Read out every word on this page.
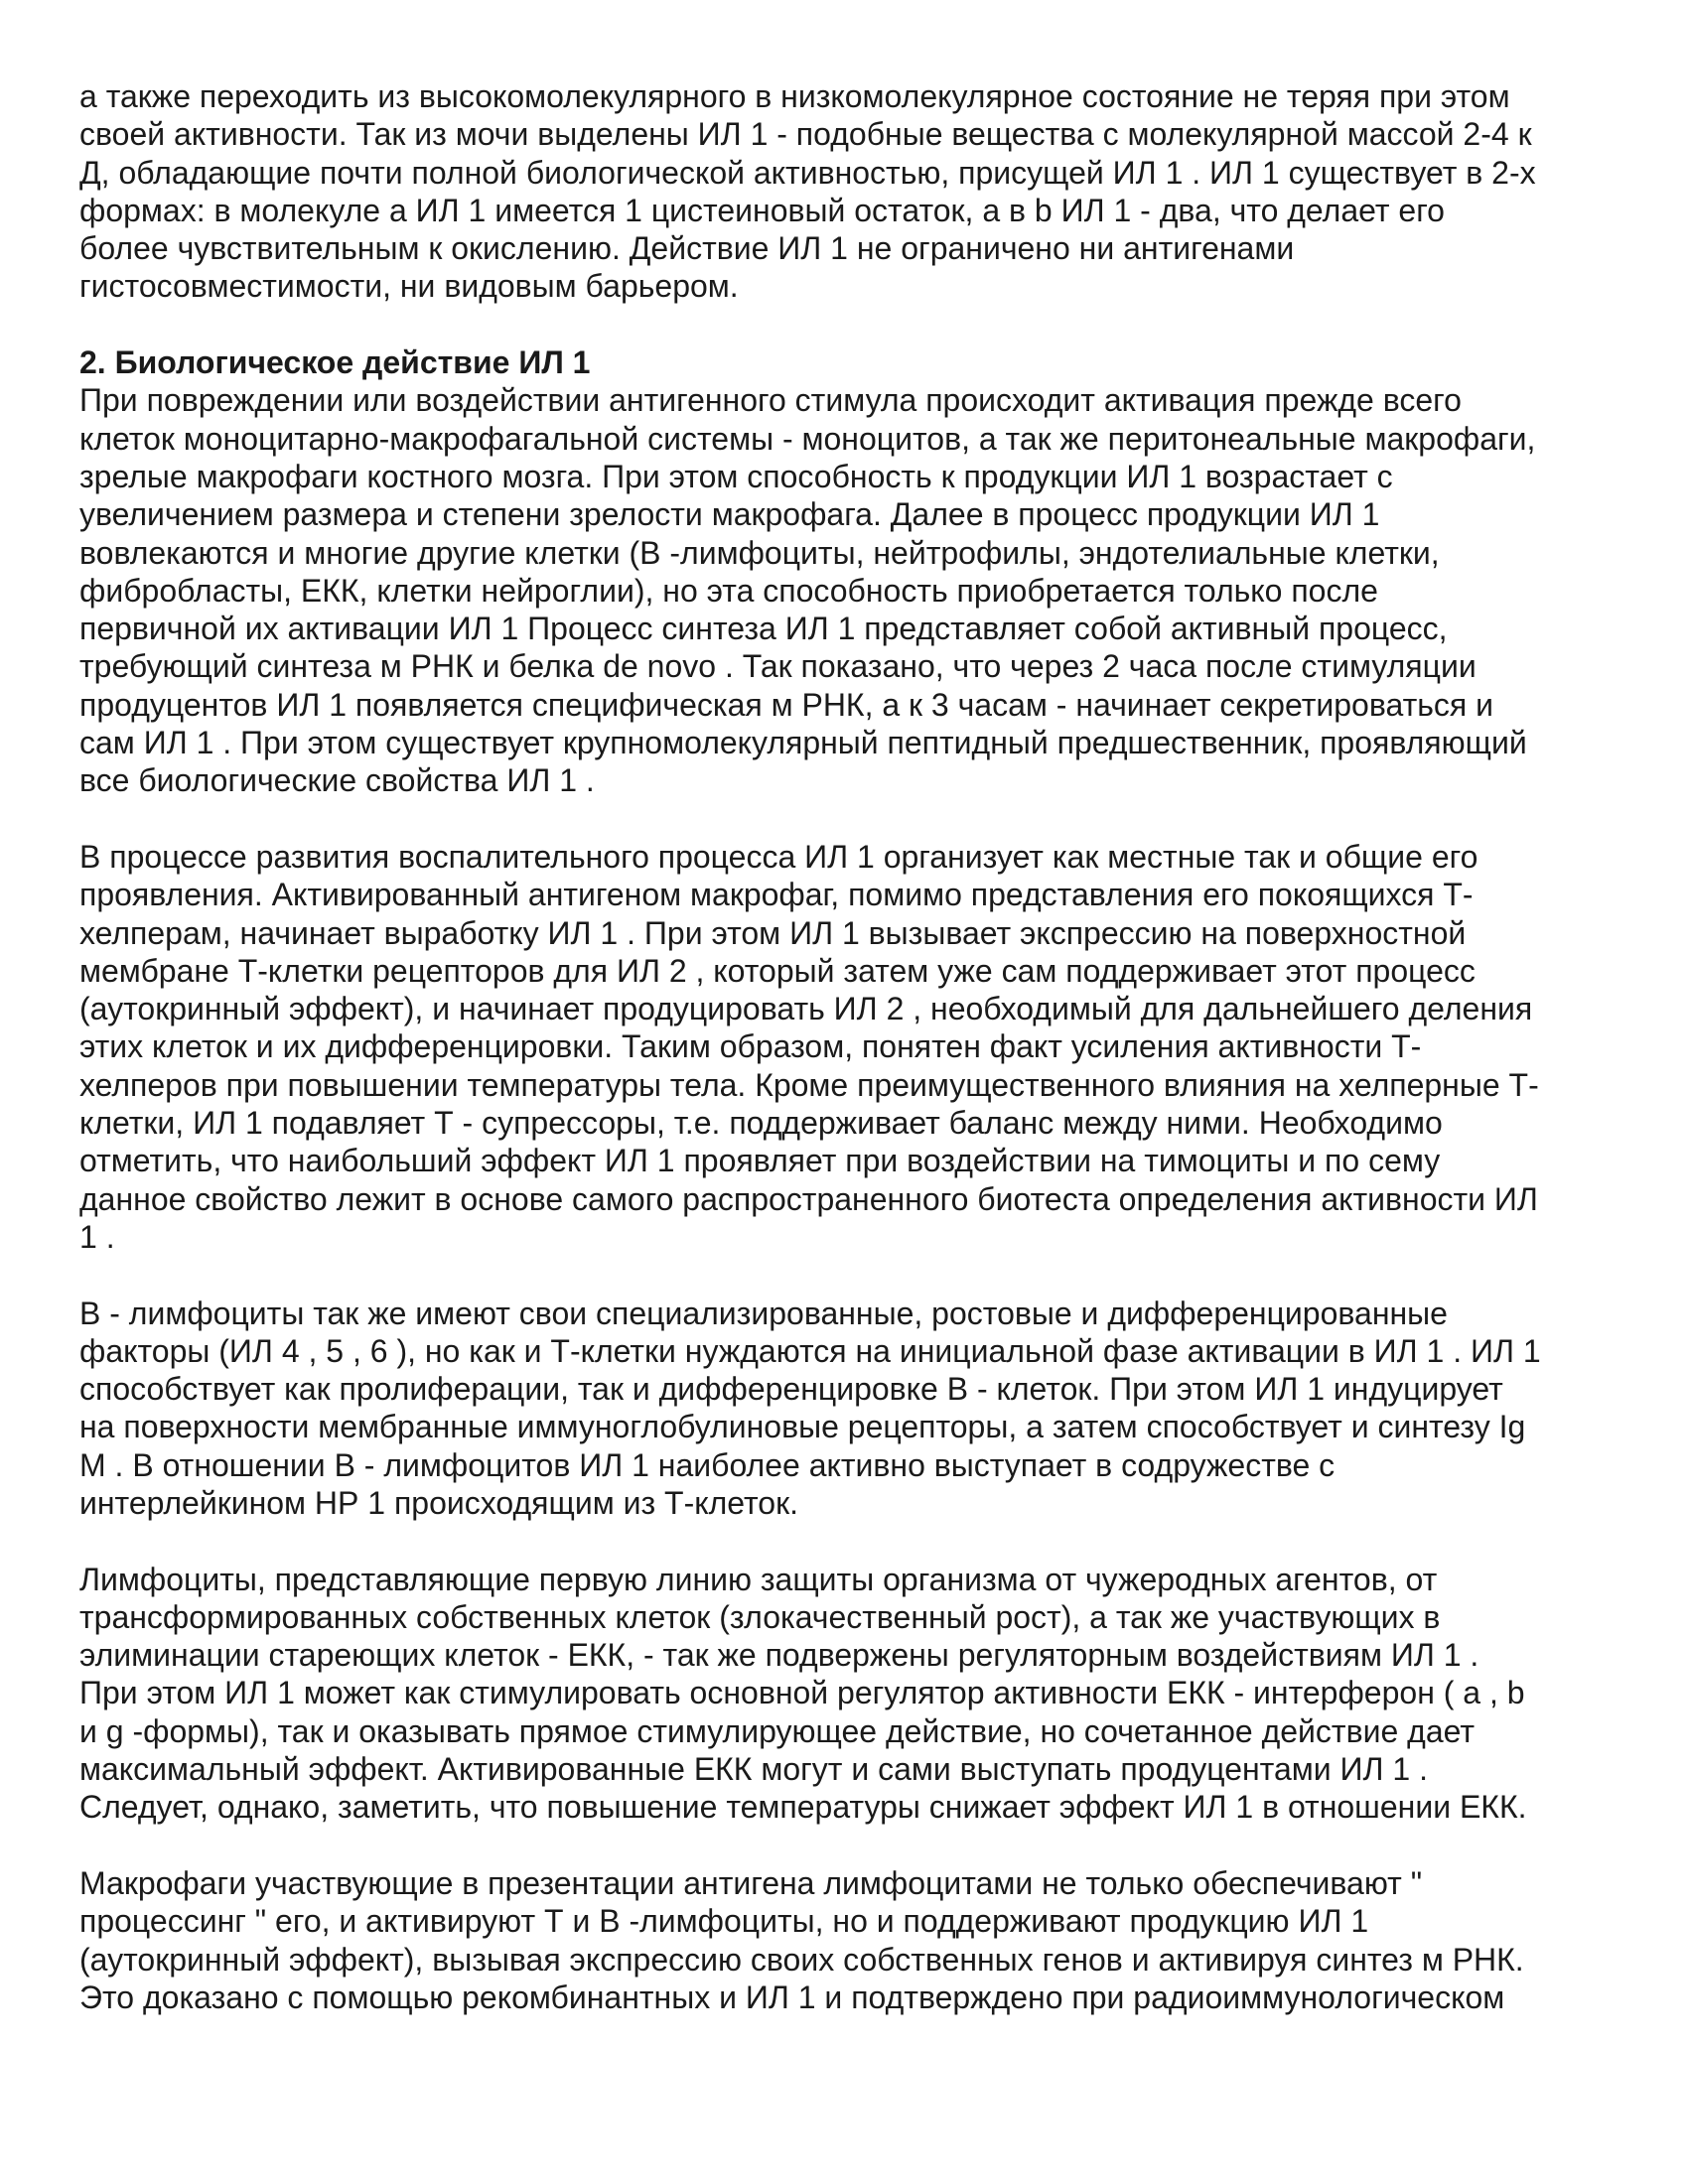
а также переходить из высокомолекулярного в низкомолекулярное состояние не теряя при этом
своей активности. Так из мочи выделены ИЛ 1 - подобные вещества с молекулярной массой 2-4 к
Д, обладающие почти полной биологической активностью, присущей ИЛ 1 . ИЛ 1 существует в 2-х
формах: в молекуле а ИЛ 1 имеется 1 цистеиновый остаток, а в b ИЛ 1 - два, что делает его
более чувствительным к окислению. Действие ИЛ 1 не ограничено ни антигенами
гистосовместимости, ни видовым барьером.

2. Биологическое действие ИЛ 1

При повреждении или воздействии антигенного стимула происходит активация прежде всего
клеток моноцитарно-макрофагальной системы - моноцитов, а так же перитонеальные макрофаги,
зрелые макрофаги костного мозга. При этом способность к продукции ИЛ 1 возрастает с
увеличением размера и степени зрелости макрофага. Далее в процесс продукции ИЛ 1
вовлекаются и многие другие клетки (В -лимфоциты, нейтрофилы, эндотелиальные клетки,
фибробласты, ЕКК, клетки нейроглии), но эта способность приобретается только после
первичной их активации ИЛ 1 Процесс синтеза ИЛ 1 представляет собой активный процесс,
требующий синтеза м РНК и белка de novo . Так показано, что через 2 часа после стимуляции
продуцентов ИЛ 1 появляется специфическая м РНК, а к 3 часам - начинает секретироваться и
сам ИЛ 1 . При этом существует крупномолекулярный пептидный предшественник, проявляющий
все биологические свойства ИЛ 1 .

В процессе развития воспалительного процесса ИЛ 1 организует как местные так и общие его
проявления. Активированный антигеном макрофаг, помимо представления его покоящихся Т-
хелперам, начинает выработку ИЛ 1 . При этом ИЛ 1 вызывает экспрессию на поверхностной
мембране Т-клетки рецепторов для ИЛ 2 , который затем уже сам поддерживает этот процесс
(аутокринный эффект), и начинает продуцировать ИЛ 2 , необходимый для дальнейшего деления
этих клеток и их дифференцировки. Таким образом, понятен факт усиления активности Т-
хелперов при повышении температуры тела. Кроме преимущественного влияния на хелперные Т-
клетки, ИЛ 1 подавляет Т - супрессоры, т.е. поддерживает баланс между ними. Необходимо
отметить, что наибольший эффект ИЛ 1 проявляет при воздействии на тимоциты и по сему
данное свойство лежит в основе самого распространенного биотеста определения активности ИЛ
1 .

В - лимфоциты так же имеют свои специализированные, ростовые и дифференцированные
факторы (ИЛ 4 , 5 , 6 ), но как и Т-клетки нуждаются на инициальной фазе активации в ИЛ 1 . ИЛ 1
способствует как пролиферации, так и дифференцировке В - клеток. При этом ИЛ 1 индуцирует
на поверхности мембранные иммуноглобулиновые рецепторы, а затем способствует и синтезу Ig
М . В отношении В - лимфоцитов ИЛ 1 наиболее активно выступает в содружестве с
интерлейкином НР 1 происходящим из Т-клеток.

Лимфоциты, представляющие первую линию защиты организма от чужеродных агентов, от
трансформированных собственных клеток (злокачественный рост), а так же участвующих в
элиминации стареющих клеток - ЕКК, - так же подвержены регуляторным воздействиям ИЛ 1 .
При этом ИЛ 1 может как стимулировать основной регулятор активности ЕКК - интерферон ( а , b
и g -формы), так и оказывать прямое стимулирующее действие, но сочетанное действие дает
максимальный эффект. Активированные ЕКК могут и сами выступать продуцентами ИЛ 1 .
Следует, однако, заметить, что повышение температуры снижает эффект ИЛ 1 в отношении ЕКК.

Макрофаги участвующие в презентации антигена лимфоцитами не только обеспечивают "
процессинг " его, и активируют Т и В -лимфоциты, но и поддерживают продукцию ИЛ 1
(аутокринный эффект), вызывая экспрессию своих собственных генов и активируя синтез м РНК.
Это доказано с помощью рекомбинантных и ИЛ 1 и подтверждено при радиоиммунологическом
